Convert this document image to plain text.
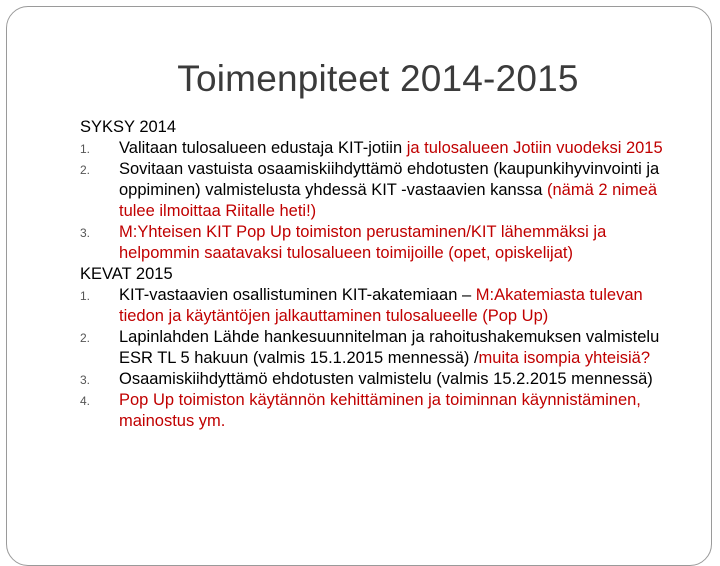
Toimenpiteet 2014-2015

SYKSY 2014

1. Valitaan tulosalueen edustaja KIT-jotiin ja tulosalueen Jotiin vuodeksi 2015

2. Sovitaan vastuista osaamiskiihdyttämö ehdotusten (kaupunkihyvinvointi ja oppiminen) valmistelusta yhdessä KIT -vastaavien kanssa (nämä 2 nimeä tulee ilmoittaa Riitalle heti!)

3. M:Yhteisen KIT Pop Up toimiston perustaminen/KIT lähemmäksi ja helpommin saatavaksi tulosalueen toimijoille (opet, opiskelijat)

KEVAT 2015

1. KIT-vastaavien osallistuminen KIT-akatemiaan – M:Akatemiasta tulevan tiedon ja käytäntöjen jalkauttaminen tulosalueelle (Pop Up)

2. Lapinlahden Lähde hankesuunnitelman ja rahoitushakemuksen valmistelu ESR TL 5 hakuun (valmis 15.1.2015 mennessä) /muita isompia yhteisiä?

3. Osaamiskiihdyttämö ehdotusten valmistelu (valmis 15.2.2015 mennessä)

4. Pop Up toimiston käytännön kehittäminen ja toiminnan käynnistäminen, mainostus ym.
